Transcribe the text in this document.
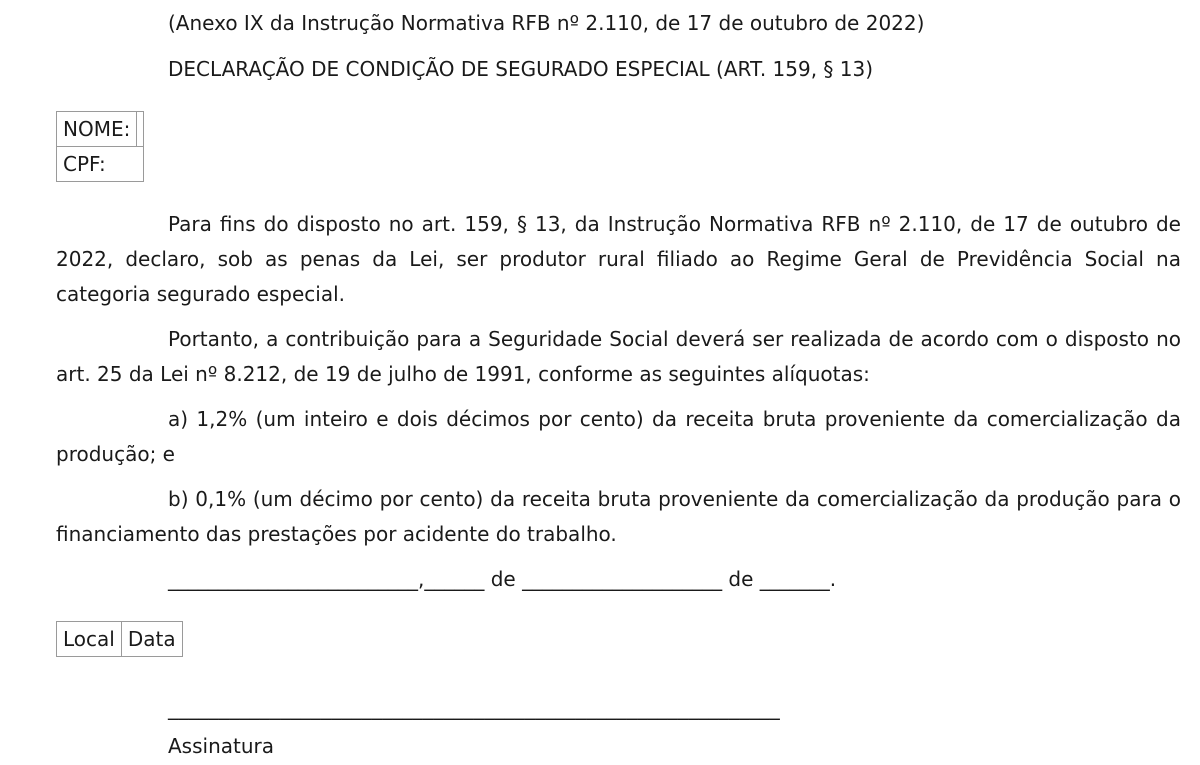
(Anexo IX da Instrução Normativa RFB nº 2.110, de 17 de outubro de 2022)
DECLARAÇÃO DE CONDIÇÃO DE SEGURADO ESPECIAL (ART. 159, § 13)
NOME:	
CPF:
Para fins do disposto no art. 159, § 13, da Instrução Normativa RFB nº 2.110, de 17 de outubro de 2022, declaro, sob as penas da Lei, ser produtor rural filiado ao Regime Geral de Previdência Social na categoria segurado especial.
Portanto, a contribuição para a Seguridade Social deverá ser realizada de acordo com o disposto no art. 25 da Lei nº 8.212, de 19 de julho de 1991, conforme as seguintes alíquotas:
a) 1,2% (um inteiro e dois décimos por cento) da receita bruta proveniente da comercialização da produção; e
b) 0,1% (um décimo por cento) da receita bruta proveniente da comercialização da produção para o financiamento das prestações por acidente do trabalho.
_________________________,______ de ____________________ de _______.
Local	Data
____________________________________________________________
Assinatura
